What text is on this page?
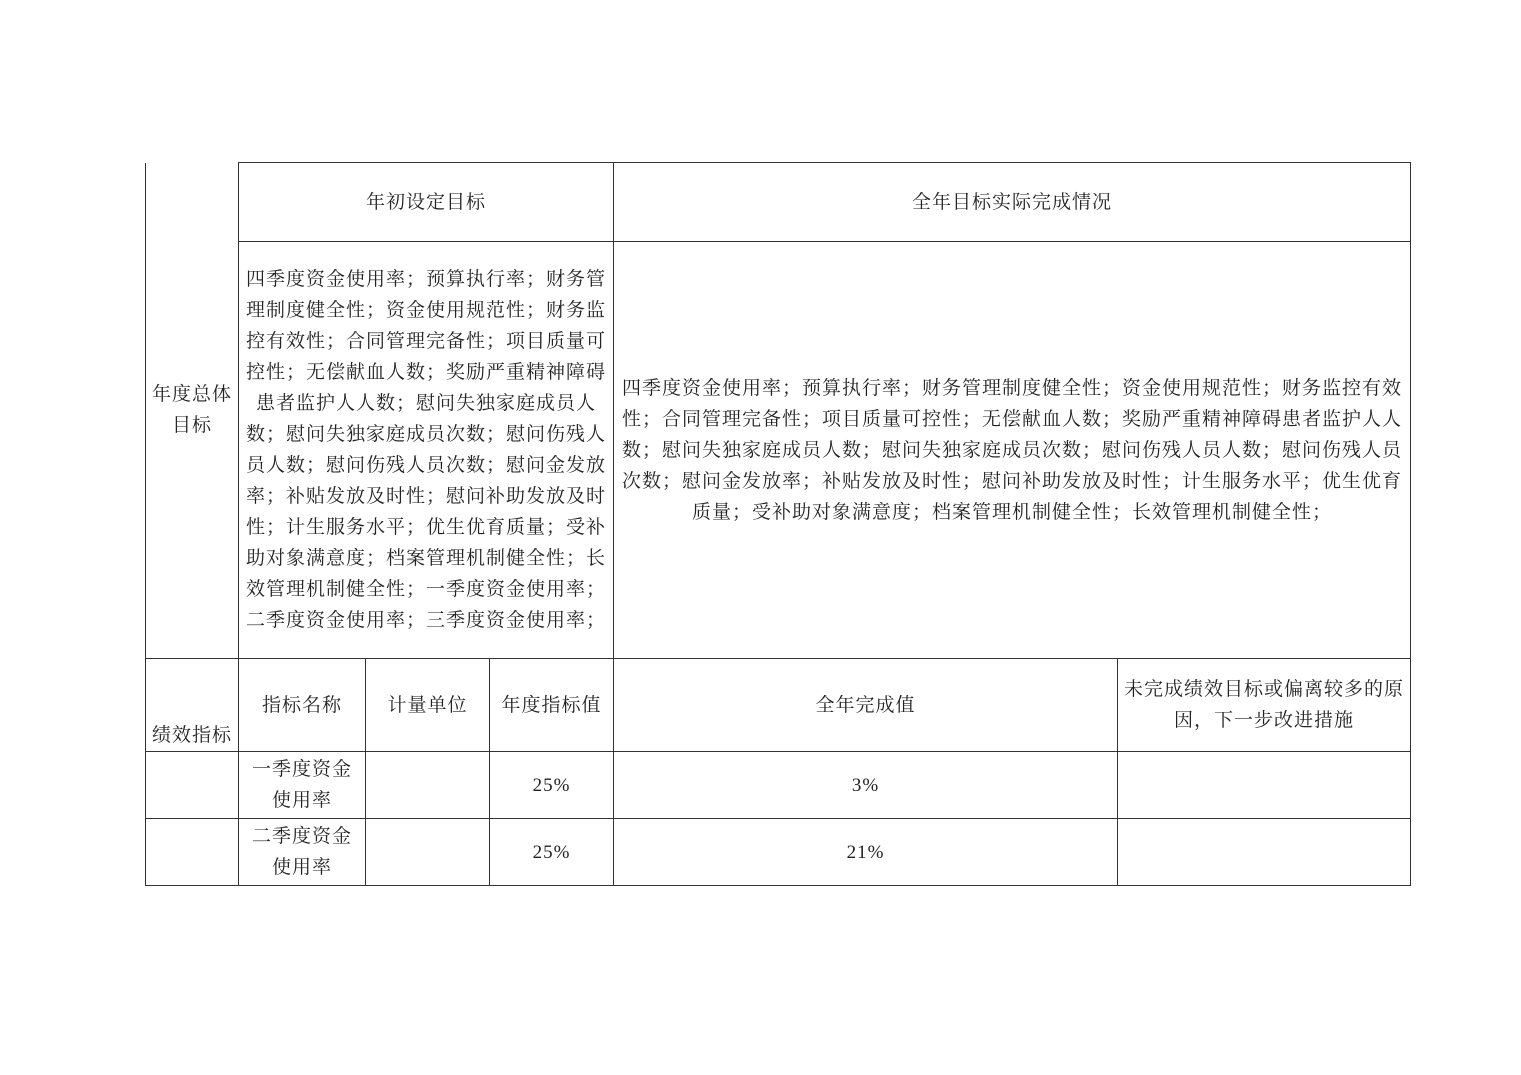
年度总体目标	年初设定目标			全年目标实际完成情况	
	四季度资金使用率；预算执行率；财务管理制度健全性；资金使用规范性；财务监控有效性；合同管理完备性；项目质量可控性；无偿献血人数；奖励严重精神障碍患者监护人人数；慰问失独家庭成员人数；慰问失独家庭成员次数；慰问伤残人员人数；慰问伤残人员次数；慰问金发放率；补贴发放及时性；慰问补助发放及时性；计生服务水平；优生优育质量；受补助对象满意度；档案管理机制健全性；长效管理机制健全性；一季度资金使用率；二季度资金使用率；三季度资金使用率；			四季度资金使用率；预算执行率；财务管理制度健全性；资金使用规范性；财务监控有效性；合同管理完备性；项目质量可控性；无偿献血人数；奖励严重精神障碍患者监护人人数；慰问失独家庭成员人数；慰问失独家庭成员次数；慰问伤残人员人数；慰问伤残人员次数；慰问金发放率；补贴发放及时性；慰问补助发放及时性；计生服务水平；优生优育质量；受补助对象满意度；档案管理机制健全性；长效管理机制健全性；	

绩效指标	指标名称	计量单位	年度指标值	全年完成值	未完成绩效目标或偏离较多的原因，下一步改进措施
	一季度资金使用率		25%	3%	
	二季度资金使用率		25%	21%	
